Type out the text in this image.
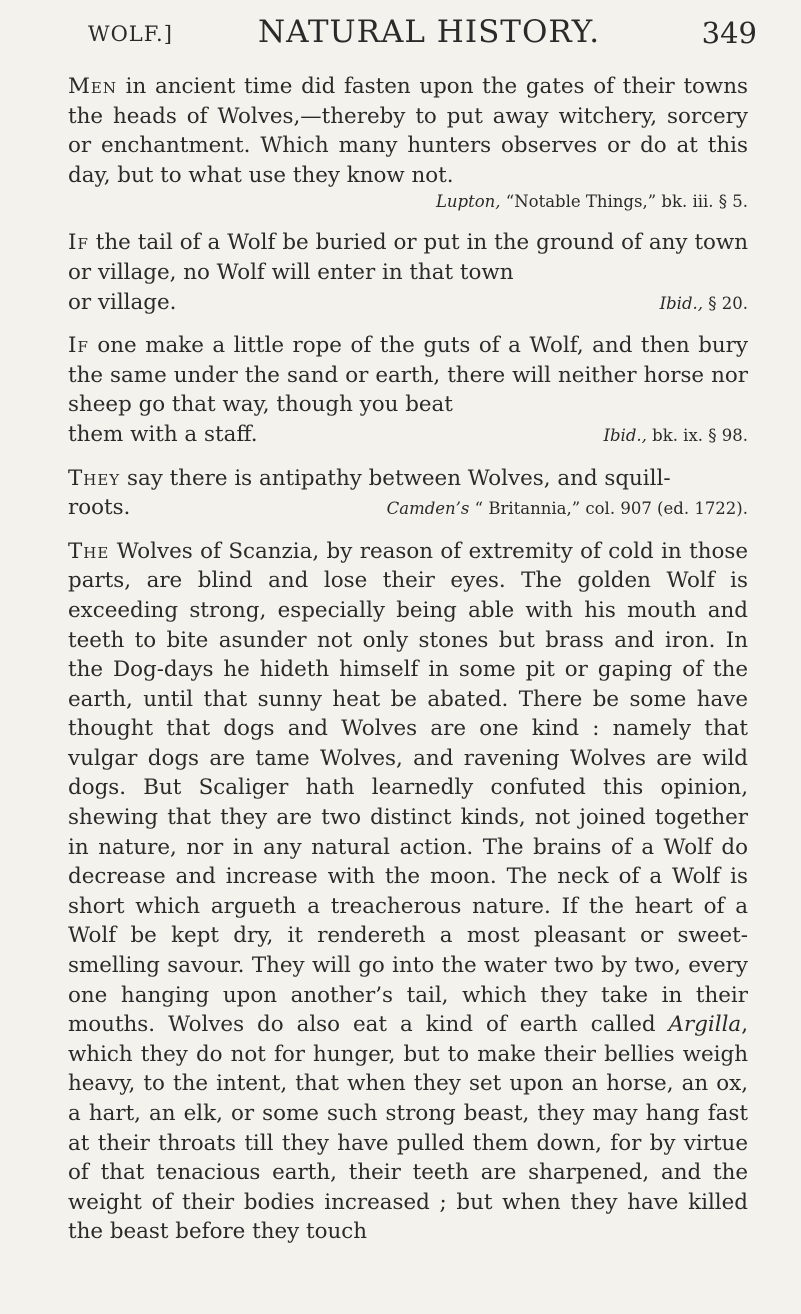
WOLF.]	NATURAL HISTORY.	349

Men in ancient time did fasten upon the gates of their towns the heads of Wolves,—thereby to put away witchery, sorcery or enchantment. Which many hunters observes or do at this day, but to what use they know not.
Lupton, “Notable Things,” bk. iii. § 5.

If the tail of a Wolf be buried or put in the ground of any town or village, no Wolf will enter in that town
or village.	Ibid., § 20.

If one make a little rope of the guts of a Wolf, and then bury the same under the sand or earth, there will neither horse nor sheep go that way, though you beat
them with a staff.	Ibid., bk. ix. § 98.

They say there is antipathy between Wolves, and squill-
roots.	Camden’s “ Britannia,” col. 907 (ed. 1722).

The Wolves of Scanzia, by reason of extremity of cold in those parts, are blind and lose their eyes. The golden Wolf is exceeding strong, especially being able with his mouth and teeth to bite asunder not only stones but brass and iron. In the Dog-days he hideth himself in some pit or gaping of the earth, until that sunny heat be abated. There be some have thought that dogs and Wolves are one kind : namely that vulgar dogs are tame Wolves, and ravening Wolves are wild dogs. But Scaliger hath learnedly confuted this opinion, shewing that they are two distinct kinds, not joined together in nature, nor in any natural action. The brains of a Wolf do decrease and increase with the moon. The neck of a Wolf is short which argueth a treacherous nature. If the heart of a Wolf be kept dry, it rendereth a most pleasant or sweet-smelling savour. They will go into the water two by two, every one hanging upon another’s tail, which they take in their mouths. Wolves do also eat a kind of earth called Argilla, which they do not for hunger, but to make their bellies weigh heavy, to the intent, that when they set upon an horse, an ox, a hart, an elk, or some such strong beast, they may hang fast at their throats till they have pulled them down, for by virtue of that tenacious earth, their teeth are sharpened, and the weight of their bodies increased ; but when they have killed the beast before they touch
